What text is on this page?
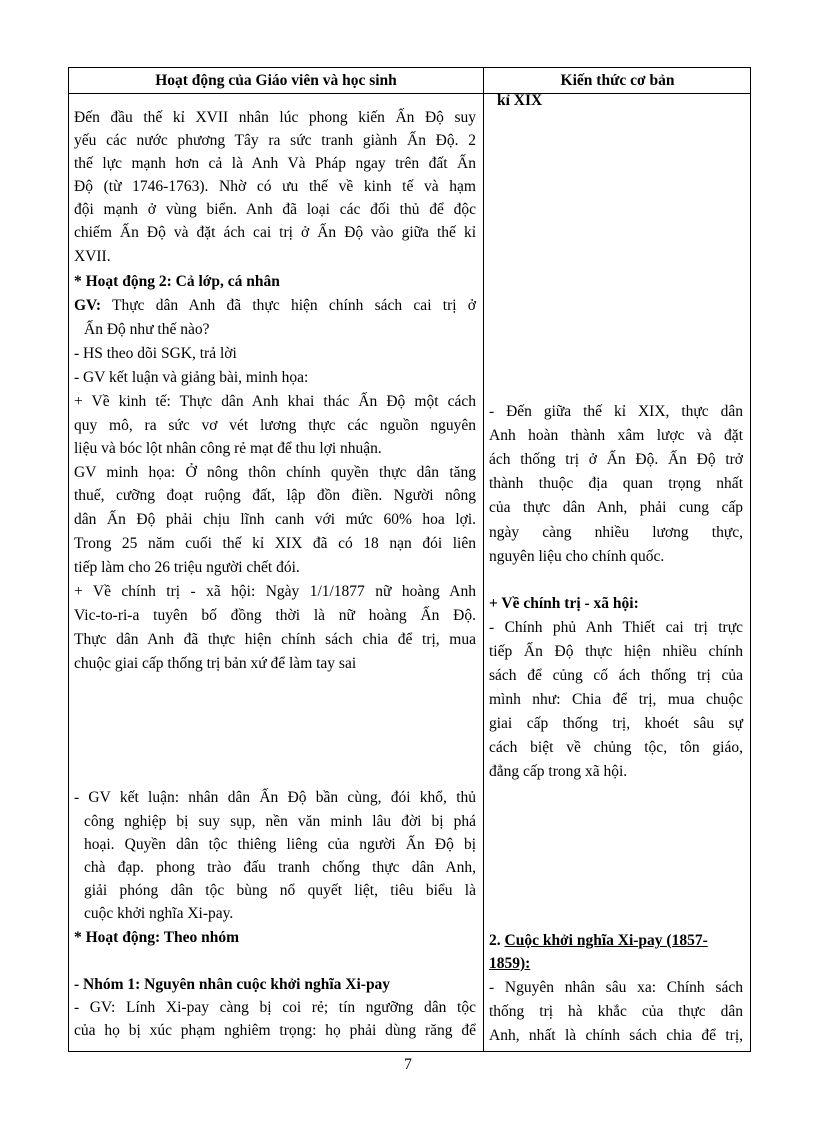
Hoạt động của Giáo viên và học sinh	Kiến thức cơ bản
Đến đầu thế kỉ XVII nhân lúc phong kiến Ấn Độ suy
yếu các nước phương Tây ra sức tranh giành Ấn Độ. 2
thế lực mạnh hơn cả là Anh Và Pháp ngay trên đất Ấn
Độ (từ 1746-1763). Nhờ có ưu thế về kinh tế và hạm
đội mạnh ở vùng biển. Anh đã loại các đối thủ để độc
chiếm Ấn Độ và đặt ách cai trị ở Ấn Độ vào giữa thế kỉ
XVII.
* Hoạt động 2: Cả lớp, cá nhân
GV: Thực dân Anh đã thực hiện chính sách cai trị ở
Ấn Độ như thế nào?
- HS theo dõi SGK, trả lời
- GV kết luận và giảng bài, minh họa:
+ Về kinh tế: Thực dân Anh khai thác Ấn Độ một cách
quy mô, ra sức vơ vét lương thực các nguồn nguyên
liệu và bóc lột nhân công rẻ mạt để thu lợi nhuận.
GV minh họa: Ở nông thôn chính quyền thực dân tăng
thuế, cưỡng đoạt ruộng đất, lập đồn điền. Người nông
dân Ấn Độ phải chịu lĩnh canh với mức 60% hoa lợi.
Trong 25 năm cuối thế kỉ XIX đã có 18 nạn đói liên
tiếp làm cho 26 triệu người chết đói.
+ Về chính trị - xã hội: Ngày 1/1/1877 nữ hoàng Anh
Vic-to-ri-a tuyên bố đồng thời là nữ hoàng Ấn Độ.
Thực dân Anh đã thực hiện chính sách chia để trị, mua
chuộc giai cấp thống trị bản xứ để làm tay sai
- GV kết luận: nhân dân Ấn Độ bần cùng, đói khổ, thủ
công nghiệp bị suy sụp, nền văn minh lâu đời bị phá
hoại. Quyền dân tộc thiêng liêng của người Ấn Độ bị
chà đạp. phong trào đấu tranh chống thực dân Anh,
giải phóng dân tộc bùng nổ quyết liệt, tiêu biểu là
cuộc khởi nghĩa Xi-pay.
* Hoạt động: Theo nhóm
- Nhóm 1: Nguyên nhân cuộc khởi nghĩa Xi-pay
- GV: Lính Xi-pay càng bị coi rẻ; tín ngưỡng dân tộc
của họ bị xúc phạm nghiêm trọng: họ phải dùng răng để
kỉ XIX
- Đến giữa thế kỉ XIX, thực dân
Anh hoàn thành xâm lược và đặt
ách thống trị ở Ấn Độ. Ấn Độ trở
thành thuộc địa quan trọng nhất
của thực dân Anh, phải cung cấp
ngày càng nhiều lương thực,
nguyên liệu cho chính quốc.
+ Về chính trị - xã hội:
- Chính phủ Anh Thiết cai trị trực
tiếp Ấn Độ thực hiện nhiều chính
sách để củng cố ách thống trị của
mình như: Chia để trị, mua chuộc
giai cấp thống trị, khoét sâu sự
cách biệt về chủng tộc, tôn giáo,
đẳng cấp trong xã hội.
2. Cuộc khởi nghĩa Xi-pay (1857-
1859):
- Nguyên nhân sâu xa: Chính sách
thống trị hà khắc của thực dân
Anh, nhất là chính sách chia để trị,
7
